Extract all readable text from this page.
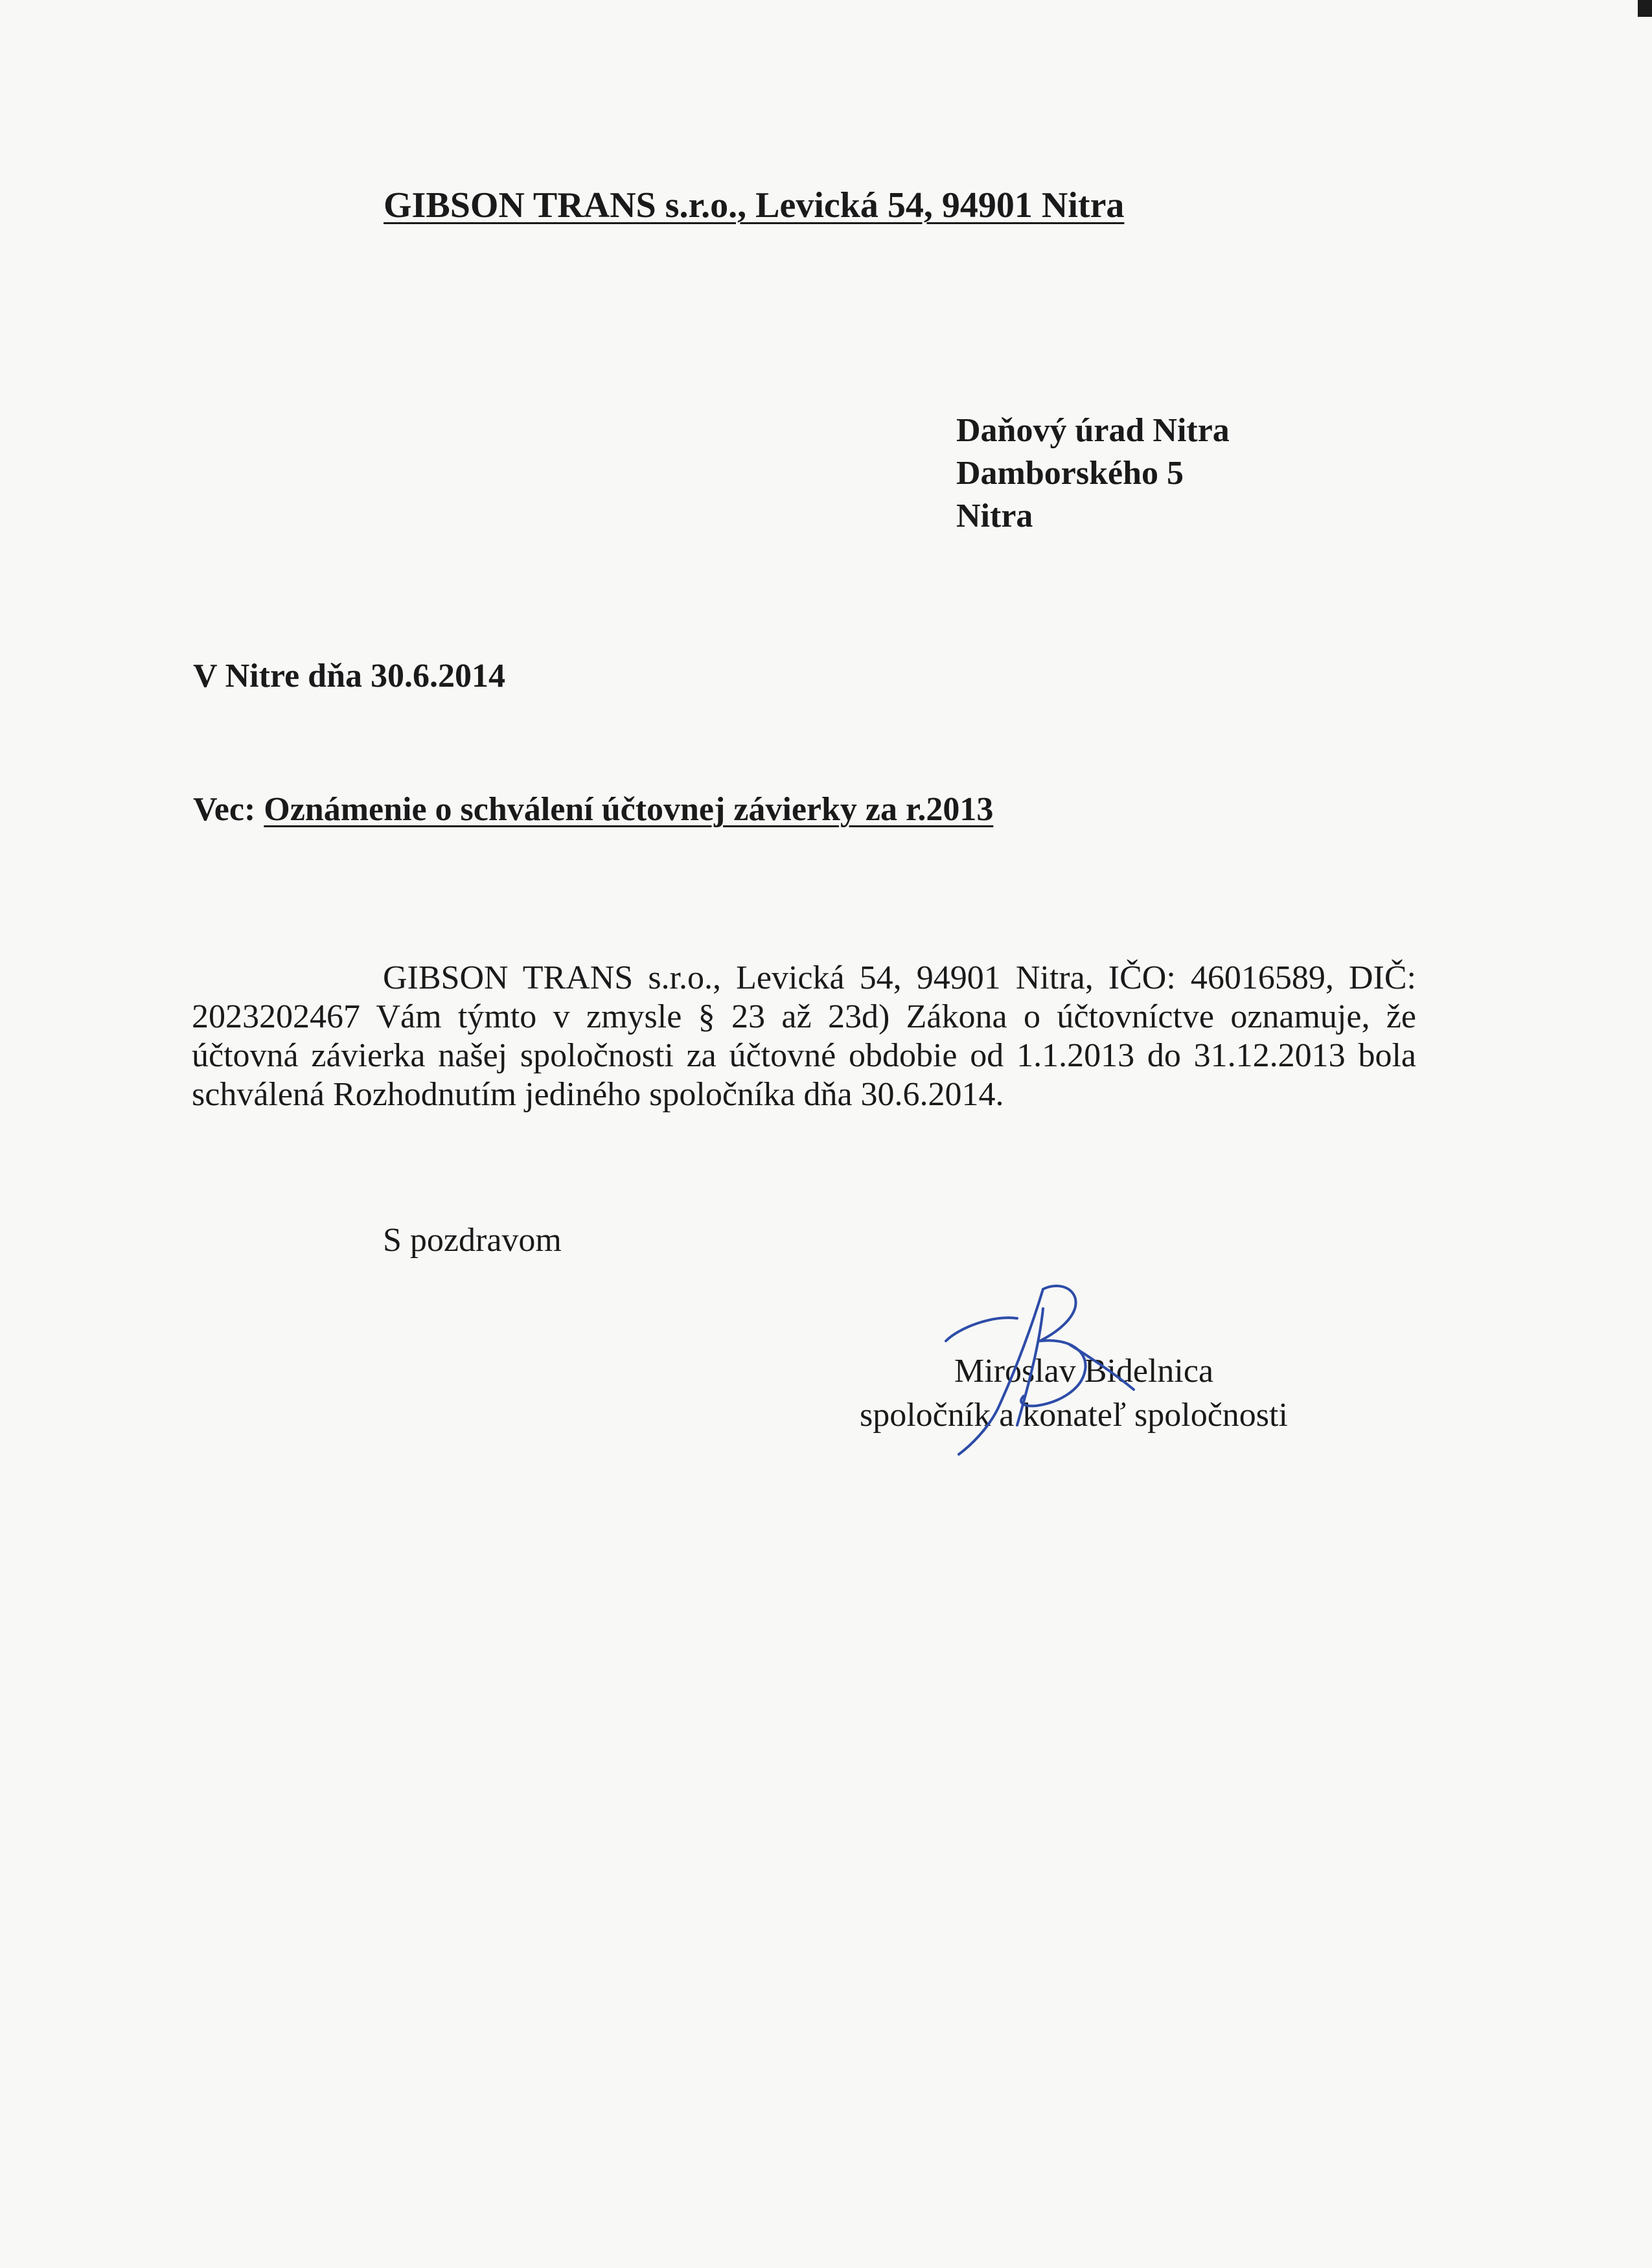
GIBSON TRANS s.r.o., Levická 54, 94901 Nitra
Daňový úrad Nitra
Damborského 5
Nitra
V Nitre dňa 30.6.2014
Vec: Oznámenie o schválení účtovnej závierky za r.2013
GIBSON TRANS s.r.o., Levická 54, 94901 Nitra, IČO: 46016589, DIČ: 2023202467 Vám týmto v zmysle § 23 až 23d) Zákona o účtovníctve oznamuje, že účtovná závierka našej spoločnosti za účtovné obdobie od 1.1.2013 do 31.12.2013 bola schválená Rozhodnutím jediného spoločníka dňa 30.6.2014.
S pozdravom
Miroslav Bidelnica
spoločník a konateľ spoločnosti
